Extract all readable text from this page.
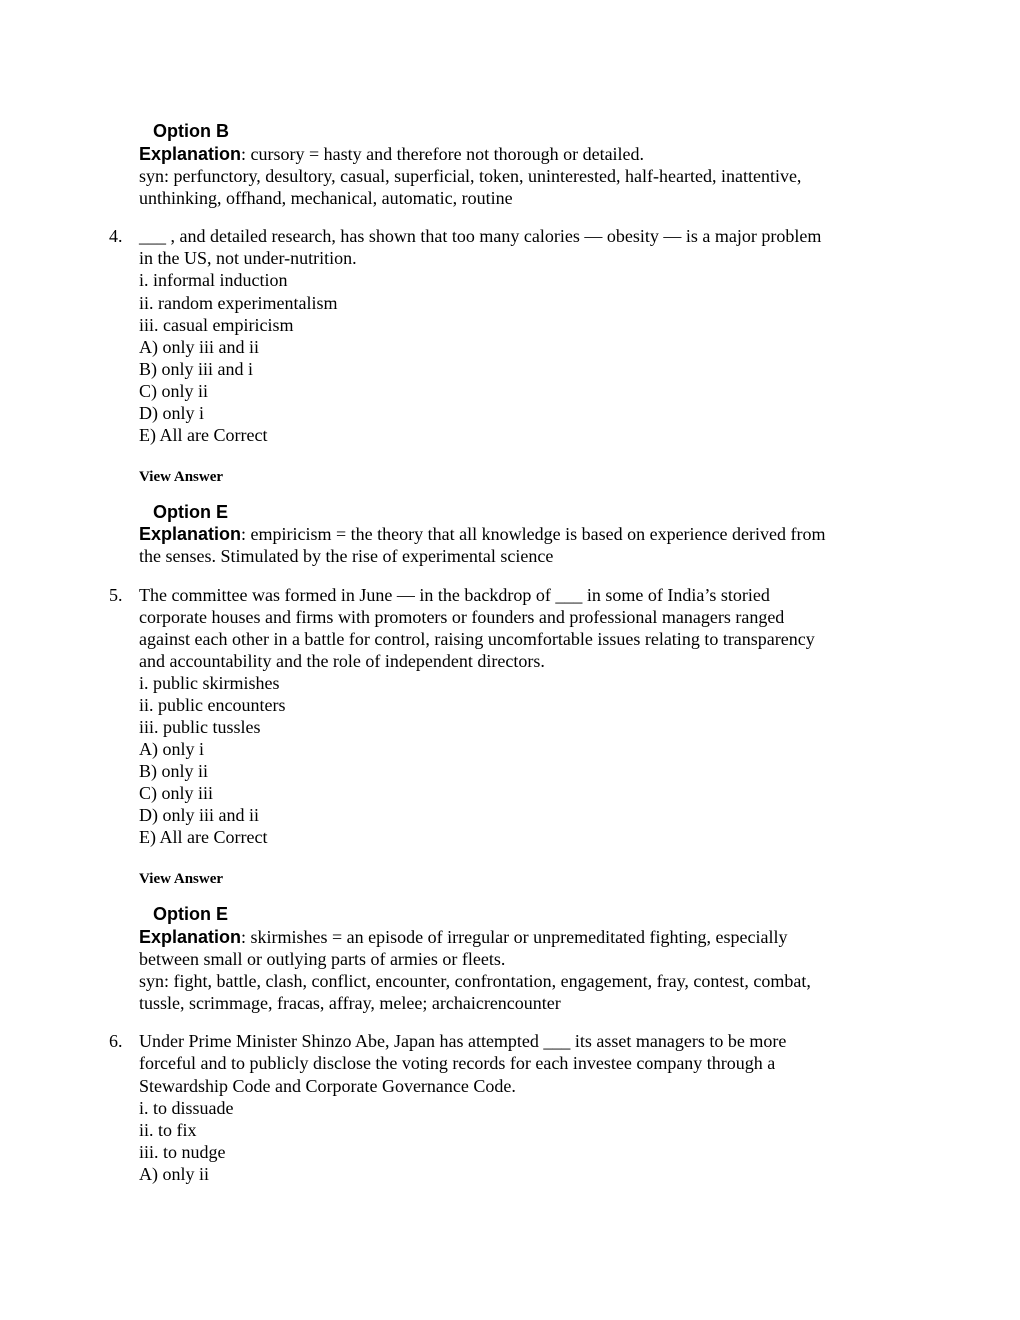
Option B
Explanation: cursory = hasty and therefore not thorough or detailed.
syn: perfunctory, desultory, casual, superficial, token, uninterested, half-hearted, inattentive,
unthinking, offhand, mechanical, automatic, routine
4. ___ , and detailed research, has shown that too many calories — obesity — is a major problem
in the US, not under-nutrition.
i. informal induction
ii. random experimentalism
iii. casual empiricism
A) only iii and ii
B) only iii and i
C) only ii
D) only i
E) All are Correct
View Answer
Option E
Explanation: empiricism = the theory that all knowledge is based on experience derived from
the senses. Stimulated by the rise of experimental science
5. The committee was formed in June — in the backdrop of ___ in some of India’s storied
corporate houses and firms with promoters or founders and professional managers ranged
against each other in a battle for control, raising uncomfortable issues relating to transparency
and accountability and the role of independent directors.
i. public skirmishes
ii. public encounters
iii. public tussles
A) only i
B) only ii
C) only iii
D) only iii and ii
E) All are Correct
View Answer
Option E
Explanation: skirmishes = an episode of irregular or unpremeditated fighting, especially
between small or outlying parts of armies or fleets.
syn: fight, battle, clash, conflict, encounter, confrontation, engagement, fray, contest, combat,
tussle, scrimmage, fracas, affray, melee; archaicrencounter
6. Under Prime Minister Shinzo Abe, Japan has attempted ___ its asset managers to be more
forceful and to publicly disclose the voting records for each investee company through a
Stewardship Code and Corporate Governance Code.
i. to dissuade
ii. to fix
iii. to nudge
A) only ii
